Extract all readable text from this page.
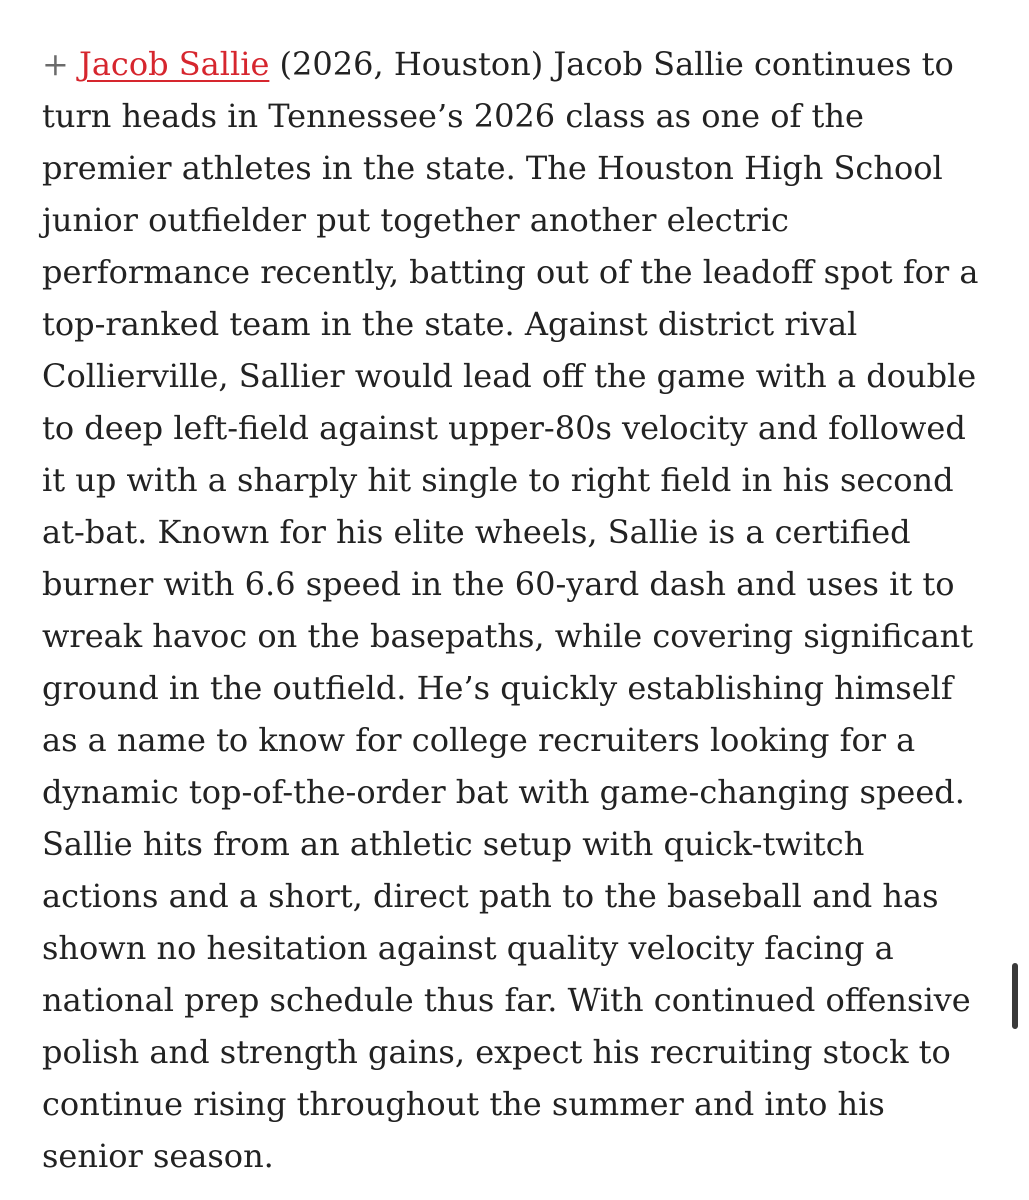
+ Jacob Sallie (2026, Houston) Jacob Sallie continues to
turn heads in Tennessee’s 2026 class as one of the
premier athletes in the state. The Houston High School
junior outfielder put together another electric
performance recently, batting out of the leadoff spot for a
top-ranked team in the state. Against district rival
Collierville, Sallier would lead off the game with a double
to deep left-field against upper-80s velocity and followed
it up with a sharply hit single to right field in his second
at-bat. Known for his elite wheels, Sallie is a certified
burner with 6.6 speed in the 60-yard dash and uses it to
wreak havoc on the basepaths, while covering significant
ground in the outfield. He’s quickly establishing himself
as a name to know for college recruiters looking for a
dynamic top-of-the-order bat with game-changing speed.
Sallie hits from an athletic setup with quick-twitch
actions and a short, direct path to the baseball and has
shown no hesitation against quality velocity facing a
national prep schedule thus far. With continued offensive
polish and strength gains, expect his recruiting stock to
continue rising throughout the summer and into his
senior season.
